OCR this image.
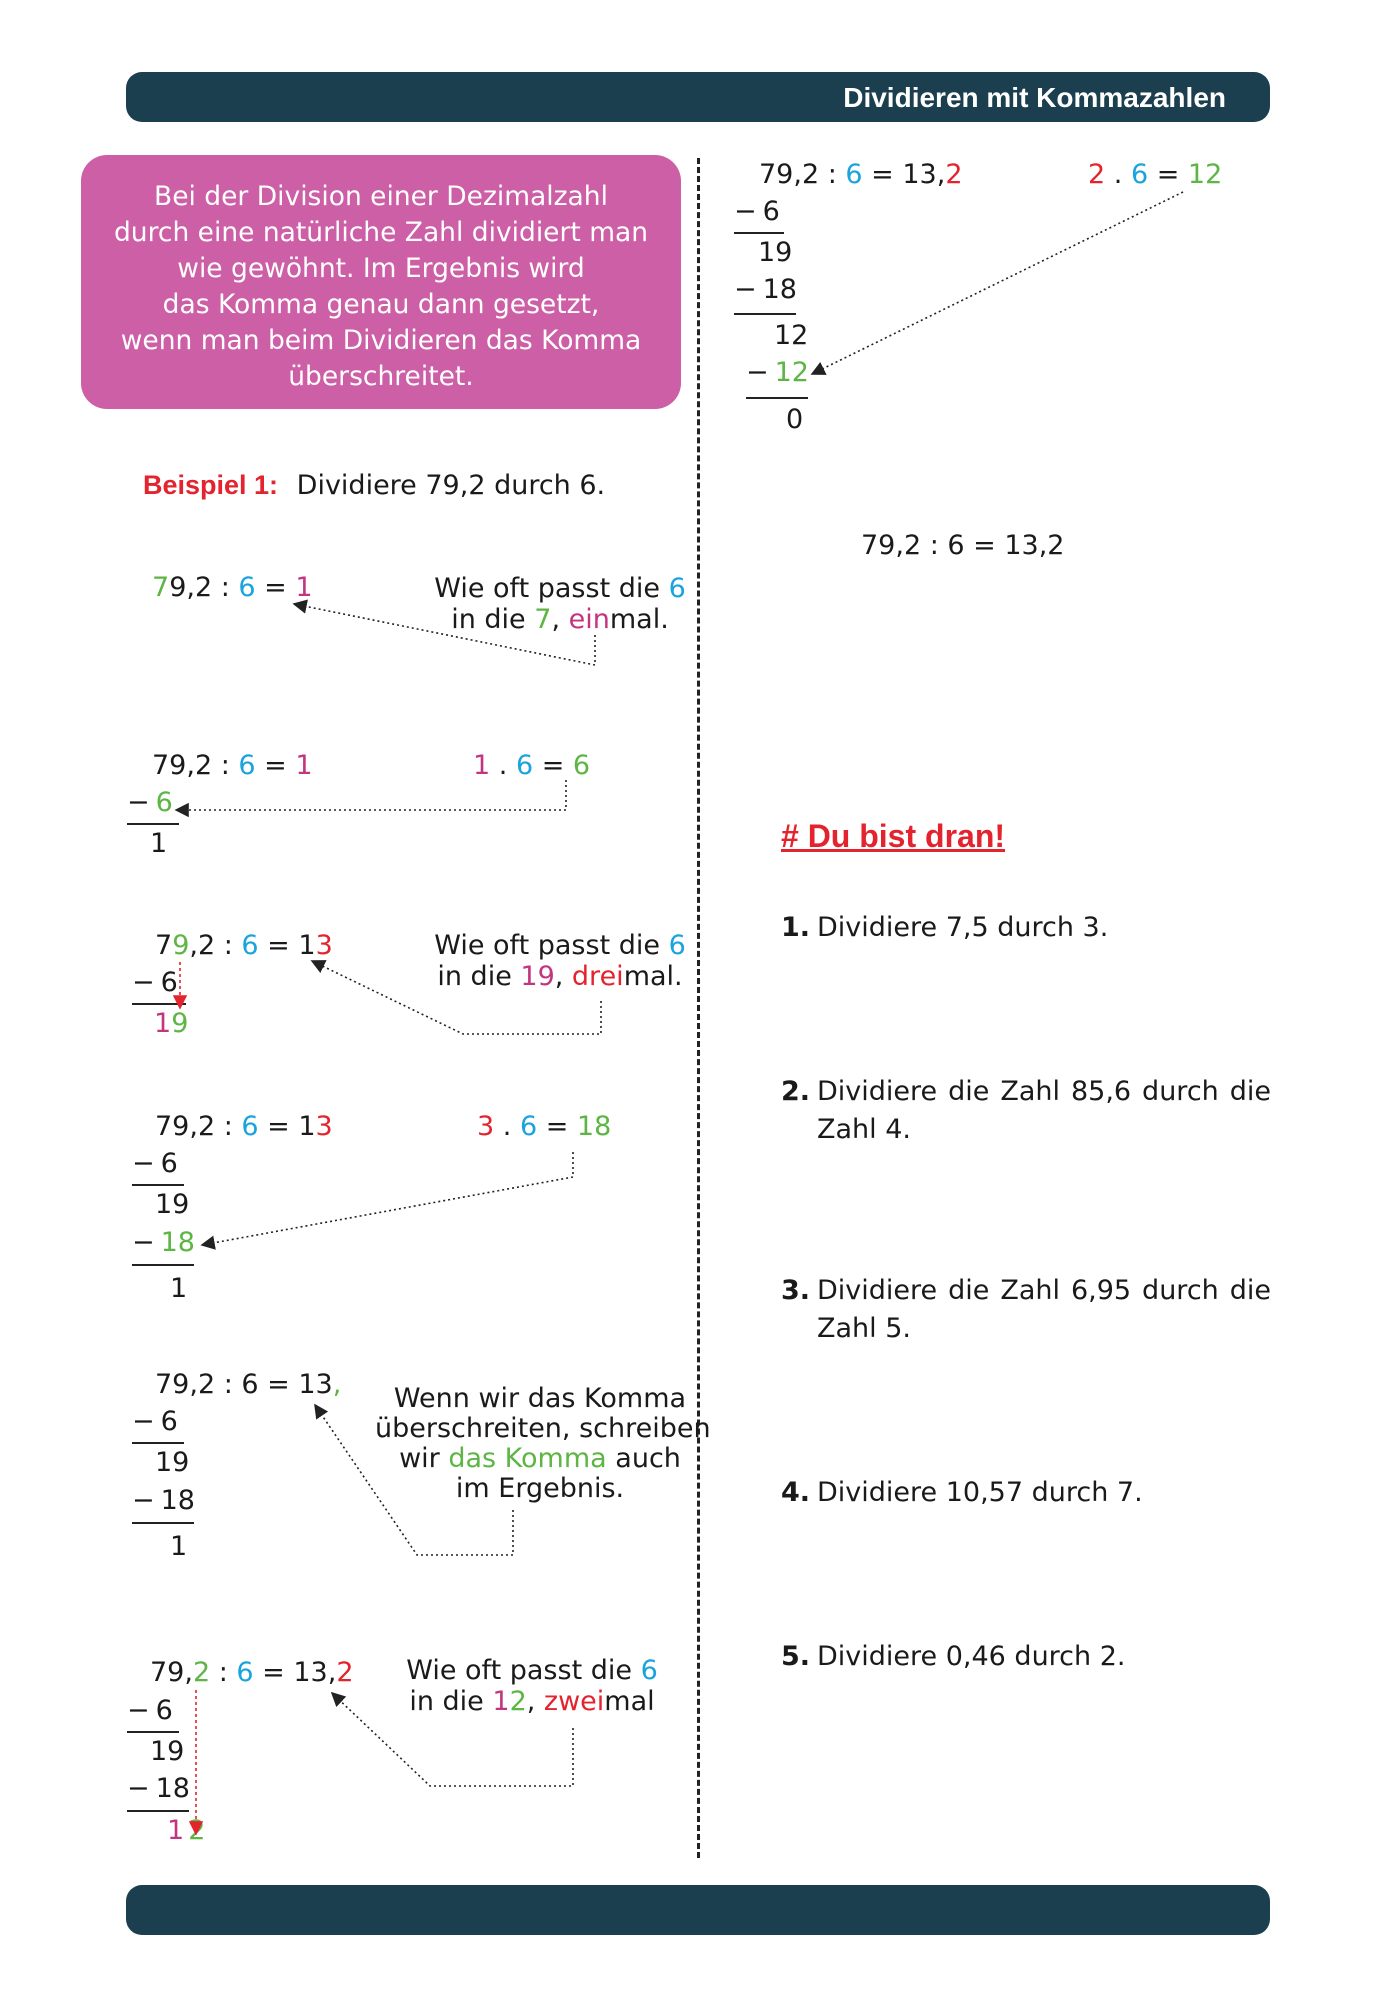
Dividieren mit Kommazahlen
Bei der Division einer Dezimalzahl
durch eine natürliche Zahl dividiert man
wie gewöhnt. Im Ergebnis wird
das Komma genau dann gesetzt,
wenn man beim Dividieren das Komma
überschreitet.
Beispiel 1: Dividiere 79,2 durch 6.
79,2 : 6 = 1	Wie oft passt die 6
in die 7, einmal.
79,2 : 6 = 1	1 . 6 = 6
− 6
1
79,2 : 6 = 13
− 6
19
Wie oft passt die 6
in die 19, dreimal.
79,2 : 6 = 13	3 . 6 = 18
− 6
19
− 18
1
79,2 : 6 = 13,
− 6
19
− 18
1
Wenn wir das Komma
überschreiten, schreiben
wir das Komma auch
im Ergebnis.
79,2 : 6 = 13,2
− 6
19
− 18
1 2
Wie oft passt die 6
in die 12, zweimal
79,2 : 6 = 13,2	2 . 6 = 12
− 6
19
− 18
12
− 12
0
79,2 : 6 = 13,2
# Du bist dran!
1. Dividiere 7,5 durch 3.
2. Dividiere die Zahl 85,6 durch die Zahl 4.
3. Dividiere die Zahl 6,95 durch die Zahl 5.
4. Dividiere 10,57 durch 7.
5. Dividiere 0,46 durch 2.
